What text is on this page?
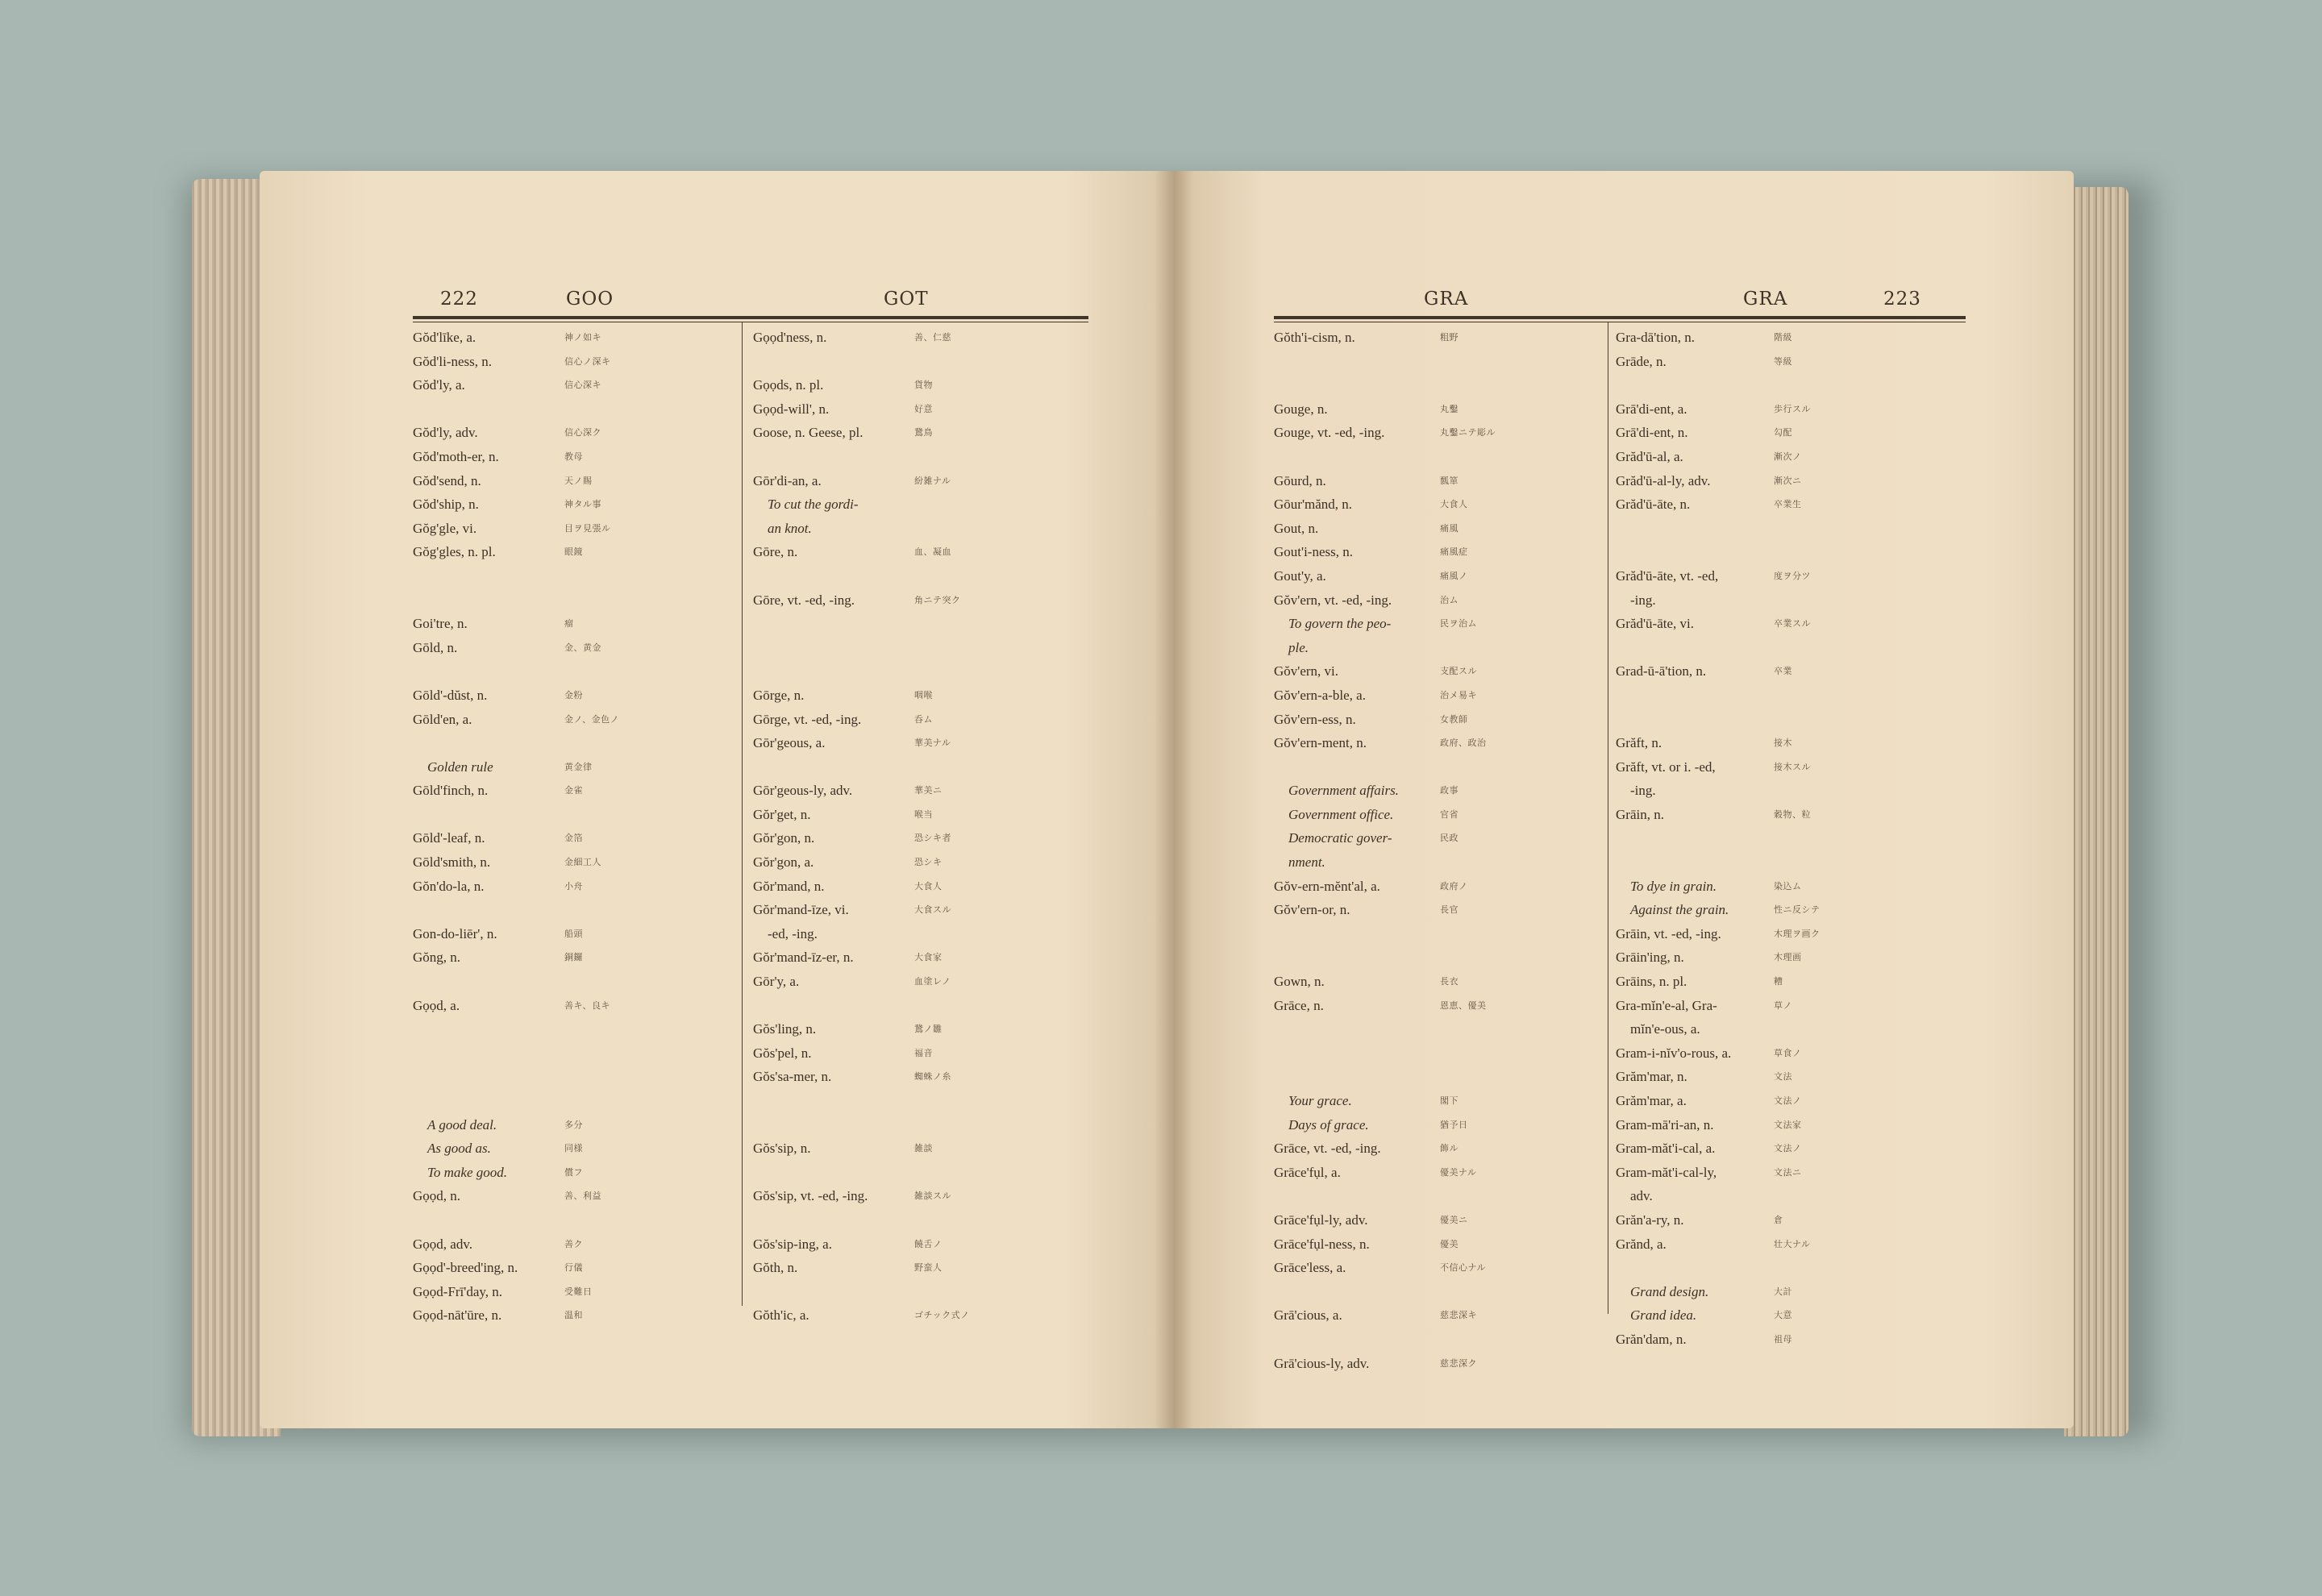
222	GOO	GOT
Gŏd'līke, a.	神ノ如キ
Gŏd'li-ness, n.	信心ノ深キ
Gŏd'ly, a.	信心深キ
Gŏd'ly, adv.	信心深ク
Gŏd'moth-er, n.	教母
Gŏd'send, n.	天ノ賜
Gŏd'ship, n.	神タル事
Gŏg'gle, vi.	目ヲ見張ル
Gŏg'gles, n. pl.	眼鏡
Goi'tre, n.	瘤
Gōld, n.	金、黄金
Gōld'-dŭst, n.	金粉
Gōld'en, a.	金ノ、金色ノ
Golden rule	黄金律
Gōld'finch, n.	金雀
Gōld'-leaf, n.	金箔
Gōld'smith, n.	金細工人
Gŏn'do-la, n.	小舟
Gon-do-liēr', n.	船頭
Gŏng, n.	銅鑼
Gọọd, a.	善キ、良キ
A good deal.	多分
As good as.	同様
To make good.	償フ
Gọọd, n.	善、利益
Gọọd, adv.	善ク
Gọọd'-breed'ing, n.	行儀
Gọọd-Frī'day, n.	受難日
Gọọd-nāt'ūre, n.	温和
Gọọd'ness, n.	善、仁慈
Gọọds, n. pl.	貨物
Gọọd-will', n.	好意
Goose, n. Geese, pl.	鵞鳥
Gōr'di-an, a.	紛雑ナル
To cut the gordi-
an knot.
Gōre, n.	血、凝血
Gōre, vt. -ed, -ing.	角ニテ突ク
Gōrge, n.	咽喉
Gōrge, vt. -ed, -ing.	呑ム
Gōr'geous, a.	華美ナル
Gōr'geous-ly, adv.	華美ニ
Gŏr'get, n.	喉当
Gŏr'gon, n.	恐シキ者
Gŏr'gon, a.	恐シキ
Gŏr'mand, n.	大食人
Gŏr'mand-īze, vi.	大食スル
-ed, -ing.
Gŏr'mand-īz-er, n.	大食家
Gōr'y, a.	血塗レノ
Gŏs'ling, n.	鵞ノ雛
Gŏs'pel, n.	福音
Gŏs'sa-mer, n.	蜘蛛ノ糸
Gŏs'sip, n.	雑談
Gŏs'sip, vt. -ed, -ing.	雑談スル
Gŏs'sip-ing, a.	饒舌ノ
Gŏth, n.	野蛮人
Gŏth'ic, a.	ゴチック式ノ
GRA	GRA	223
Gŏth'i-cism, n.	粗野
Gouge, n.	丸鑿
Gouge, vt. -ed, -ing.	丸鑿ニテ彫ル
Gōurd, n.	瓢箪
Gōur'mănd, n.	大食人
Gout, n.	痛風
Gout'i-ness, n.	痛風症
Gout'y, a.	痛風ノ
Gŏv'ern, vt. -ed, -ing.	治ム
To govern the peo-	民ヲ治ム
ple.
Gŏv'ern, vi.	支配スル
Gŏv'ern-a-ble, a.	治メ易キ
Gŏv'ern-ess, n.	女教師
Gŏv'ern-ment, n.	政府、政治
Government affairs.	政事
Government office.	官省
Democratic gover-	民政
nment.
Gŏv-ern-mĕnt'al, a.	政府ノ
Gŏv'ern-or, n.	長官
Gown, n.	長衣
Grāce, n.	恩恵、優美
Your grace.	閣下
Days of grace.	猶予日
Grāce, vt. -ed, -ing.	飾ル
Grāce'fụl, a.	優美ナル
Grāce'fụl-ly, adv.	優美ニ
Grāce'fụl-ness, n.	優美
Grāce'less, a.	不信心ナル
Grā'cious, a.	慈悲深キ
Grā'cious-ly, adv.	慈悲深ク
Gra-dā'tion, n.	階級
Grāde, n.	等級
Grā'di-ent, a.	歩行スル
Grā'di-ent, n.	勾配
Grăd'ū-al, a.	漸次ノ
Grăd'ū-al-ly, adv.	漸次ニ
Grăd'ū-āte, n.	卒業生
Grăd'ū-āte, vt. -ed,	度ヲ分ツ
-ing.
Grăd'ū-āte, vi.	卒業スル
Grad-ū-ā'tion, n.	卒業
Grăft, n.	接木
Grăft, vt. or i. -ed,	接木スル
-ing.
Grāin, n.	穀物、粒
To dye in grain.	染込ム
Against the grain.	性ニ反シテ
Grāin, vt. -ed, -ing.	木理ヲ画ク
Grāin'ing, n.	木理画
Grāins, n. pl.	糟
Gra-mĭn'e-al, Gra-	草ノ
mĭn'e-ous, a.
Gram-i-nĭv'o-rous, a.	草食ノ
Grăm'mar, n.	文法
Grăm'mar, a.	文法ノ
Gram-mā'ri-an, n.	文法家
Gram-măt'i-cal, a.	文法ノ
Gram-măt'i-cal-ly,	文法ニ
adv.
Grăn'a-ry, n.	倉
Grănd, a.	壮大ナル
Grand design.	大計
Grand idea.	大意
Grăn'dam, n.	祖母
